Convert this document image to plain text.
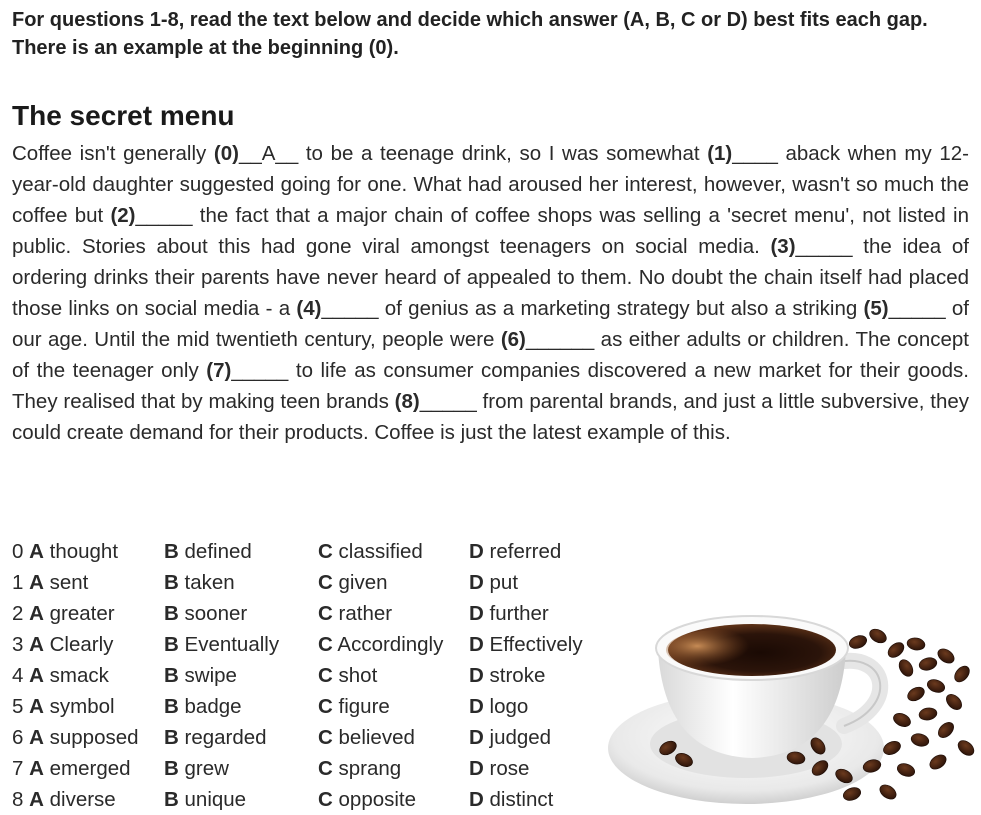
For questions 1-8, read the text below and decide which answer (A, B, C or D) best fits each gap. There is an example at the beginning (0).
The secret menu
Coffee isn't generally (0)__A__ to be a teenage drink, so I was somewhat (1)____ aback when my 12-year-old daughter suggested going for one. What had aroused her interest, however, wasn't so much the coffee but (2)_____ the fact that a major chain of coffee shops was selling a 'secret menu', not listed in public. Stories about this had gone viral amongst teenagers on social media. (3)_____ the idea of ordering drinks their parents have never heard of appealed to them. No doubt the chain itself had placed those links on social media - a (4)_____ of genius as a marketing strategy but also a striking (5)_____ of our age. Until the mid twentieth century, people were (6)______ as either adults or children. The concept of the teenager only (7)_____ to life as consumer companies discovered a new market for their goods. They realised that by making teen brands (8)_____ from parental brands, and just a little subversive, they could create demand for their products. Coffee is just the latest example of this.
0 A thought	B defined	C classified	D referred
1 A sent	B taken	C given	D put
2 A greater	B sooner	C rather	D further
3 A Clearly	B Eventually	C Accordingly	D Effectively
4 A smack	B swipe	C shot	D stroke
5 A symbol	B badge	C figure	D logo
6 A supposed	B regarded	C believed	D judged
7 A emerged	B grew	C sprang	D rose
8 A diverse	B unique	C opposite	D distinct
